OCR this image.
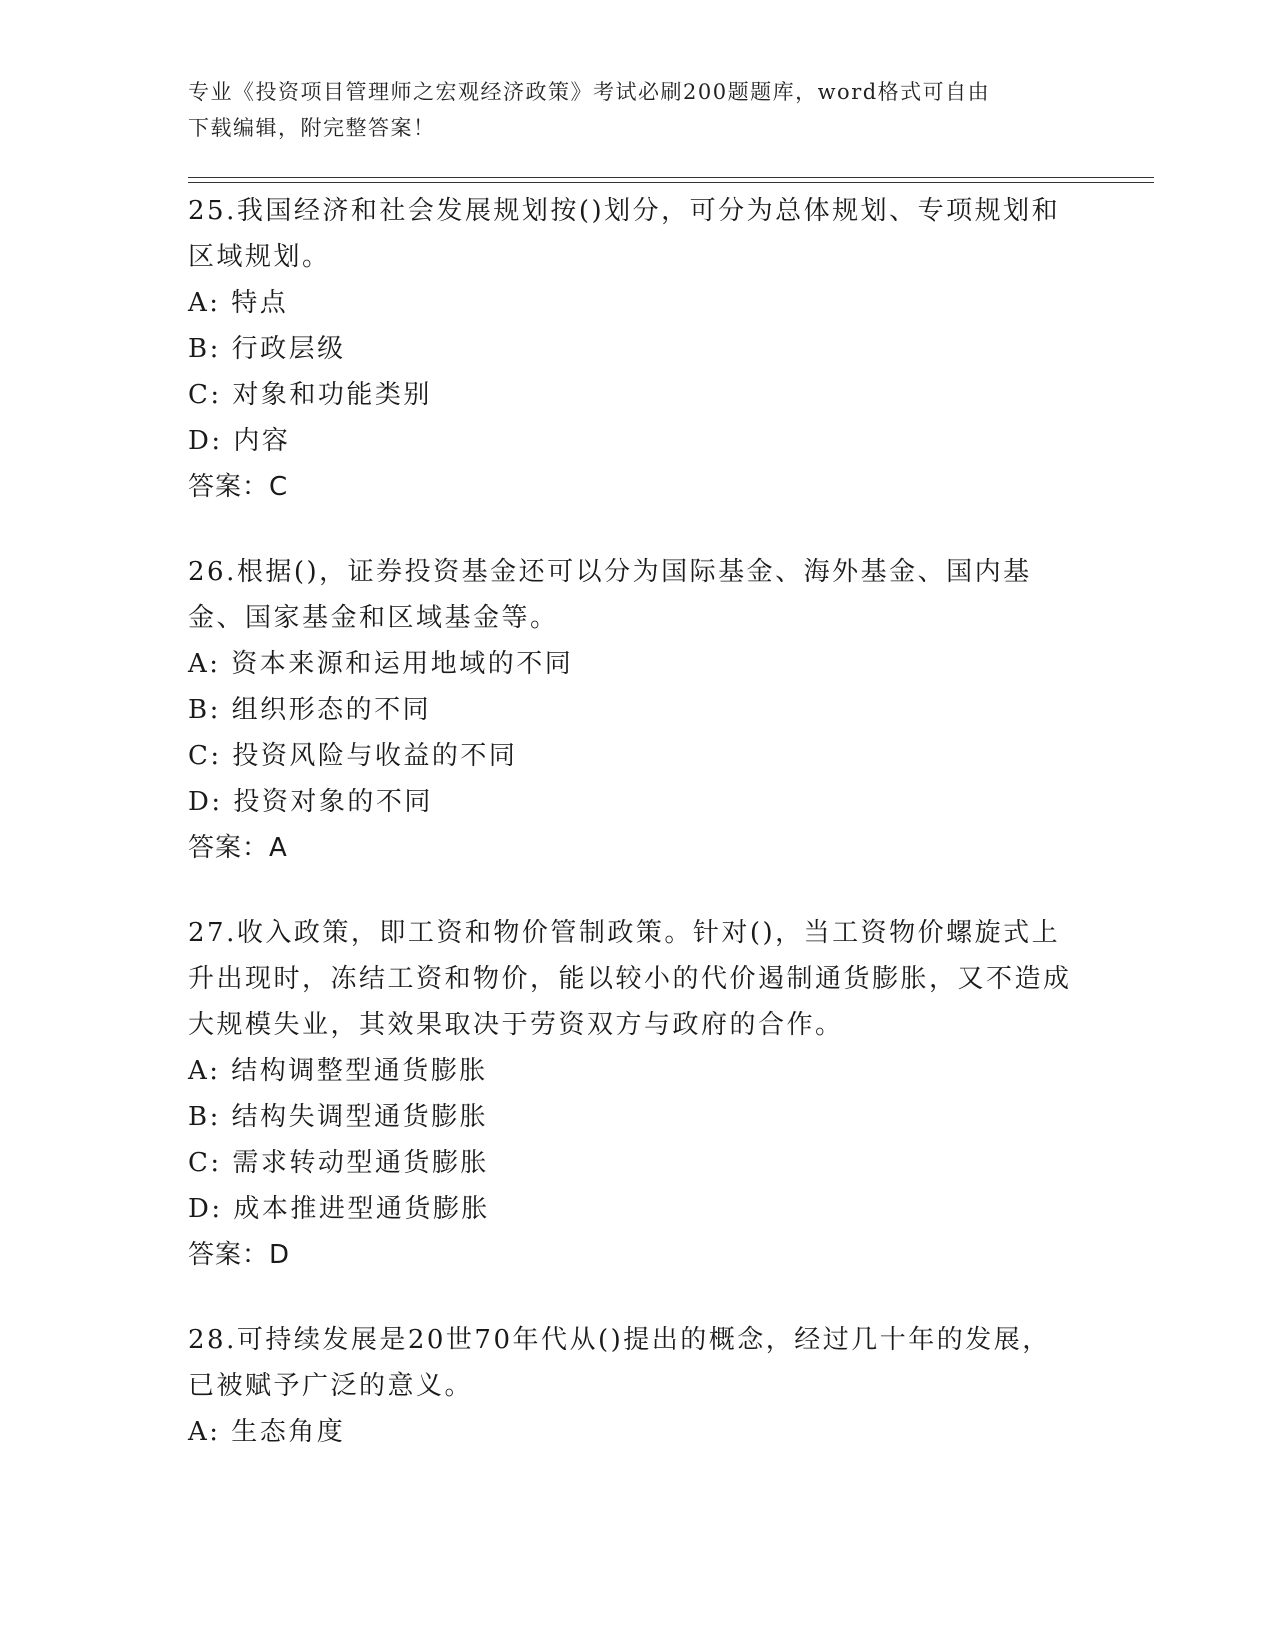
专业《投资项目管理师之宏观经济政策》考试必刷200题题库，word格式可自由
下载编辑，附完整答案！
25.我国经济和社会发展规划按()划分，可分为总体规划、专项规划和区域规划。
A: 特点
B: 行政层级
C: 对象和功能类别
D: 内容
答案：C
26.根据()，证券投资基金还可以分为国际基金、海外基金、国内基金、国家基金和区域基金等。
A: 资本来源和运用地域的不同
B: 组织形态的不同
C: 投资风险与收益的不同
D: 投资对象的不同
答案：A
27.收入政策，即工资和物价管制政策。针对()，当工资物价螺旋式上升出现时，冻结工资和物价，能以较小的代价遏制通货膨胀，又不造成大规模失业，其效果取决于劳资双方与政府的合作。
A: 结构调整型通货膨胀
B: 结构失调型通货膨胀
C: 需求转动型通货膨胀
D: 成本推进型通货膨胀
答案：D
28.可持续发展是20世70年代从()提出的概念，经过几十年的发展，已被赋予广泛的意义。
A: 生态角度
